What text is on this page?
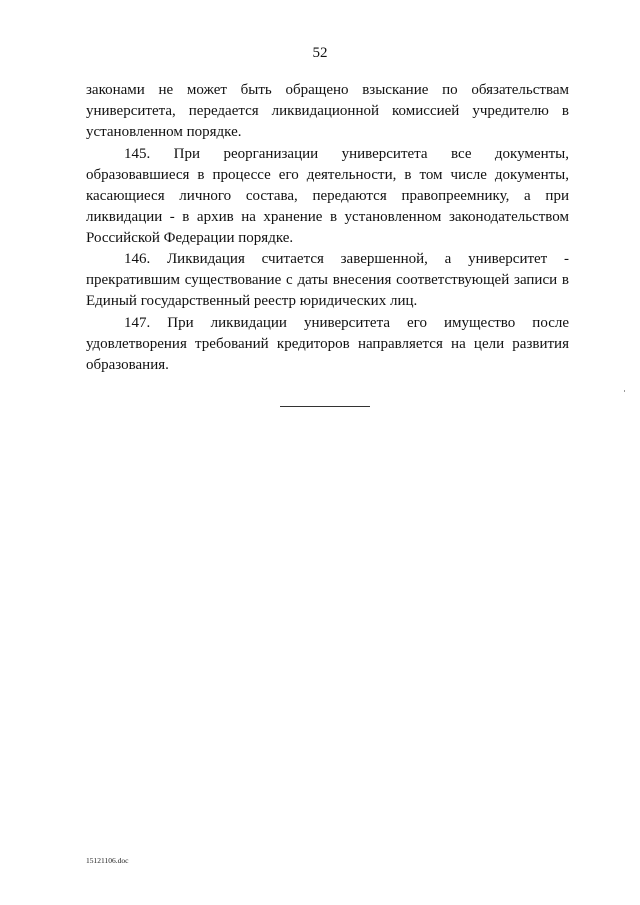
52

законами не может быть обращено взыскание по обязательствам университета, передается ликвидационной комиссией учредителю в установленном порядке.

145. При реорганизации университета все документы, образовавшиеся в процессе его деятельности, в том числе документы, касающиеся личного состава, передаются правопреемнику, а при ликвидации - в архив на хранение в установленном законодательством Российской Федерации порядке.

146. Ликвидация считается завершенной, а университет - прекратившим существование с даты внесения соответствующей записи в Единый государственный реестр юридических лиц.

147. При ликвидации университета его имущество после удовлетворения требований кредиторов направляется на цели развития образования.

15121106.doc
